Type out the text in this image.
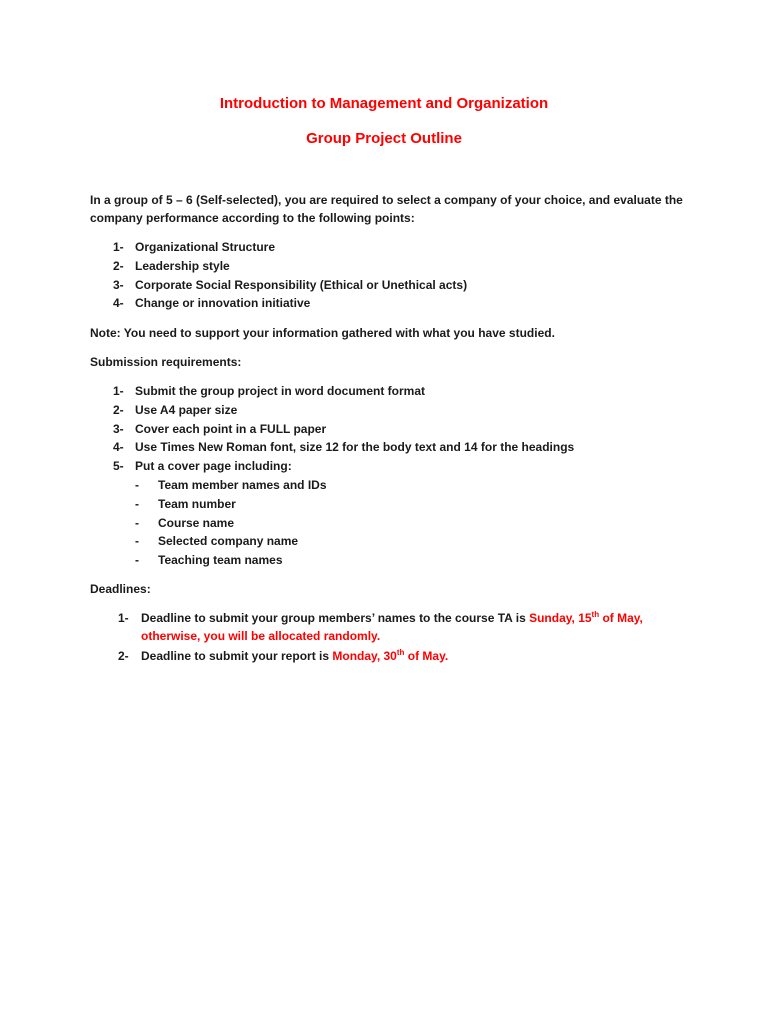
Introduction to Management and Organization
Group Project Outline

In a group of 5 – 6 (Self-selected), you are required to select a company of your choice, and evaluate the company performance according to the following points:

1- Organizational Structure
2- Leadership style
3- Corporate Social Responsibility (Ethical or Unethical acts)
4- Change or innovation initiative

Note: You need to support your information gathered with what you have studied.

Submission requirements:

1- Submit the group project in word document format
2- Use A4 paper size
3- Cover each point in a FULL paper
4- Use Times New Roman font, size 12 for the body text and 14 for the headings
5- Put a cover page including:
- Team member names and IDs
- Team number
- Course name
- Selected company name
- Teaching team names

Deadlines:

1- Deadline to submit your group members’ names to the course TA is Sunday, 15th of May, otherwise, you will be allocated randomly.
2- Deadline to submit your report is Monday, 30th of May.
